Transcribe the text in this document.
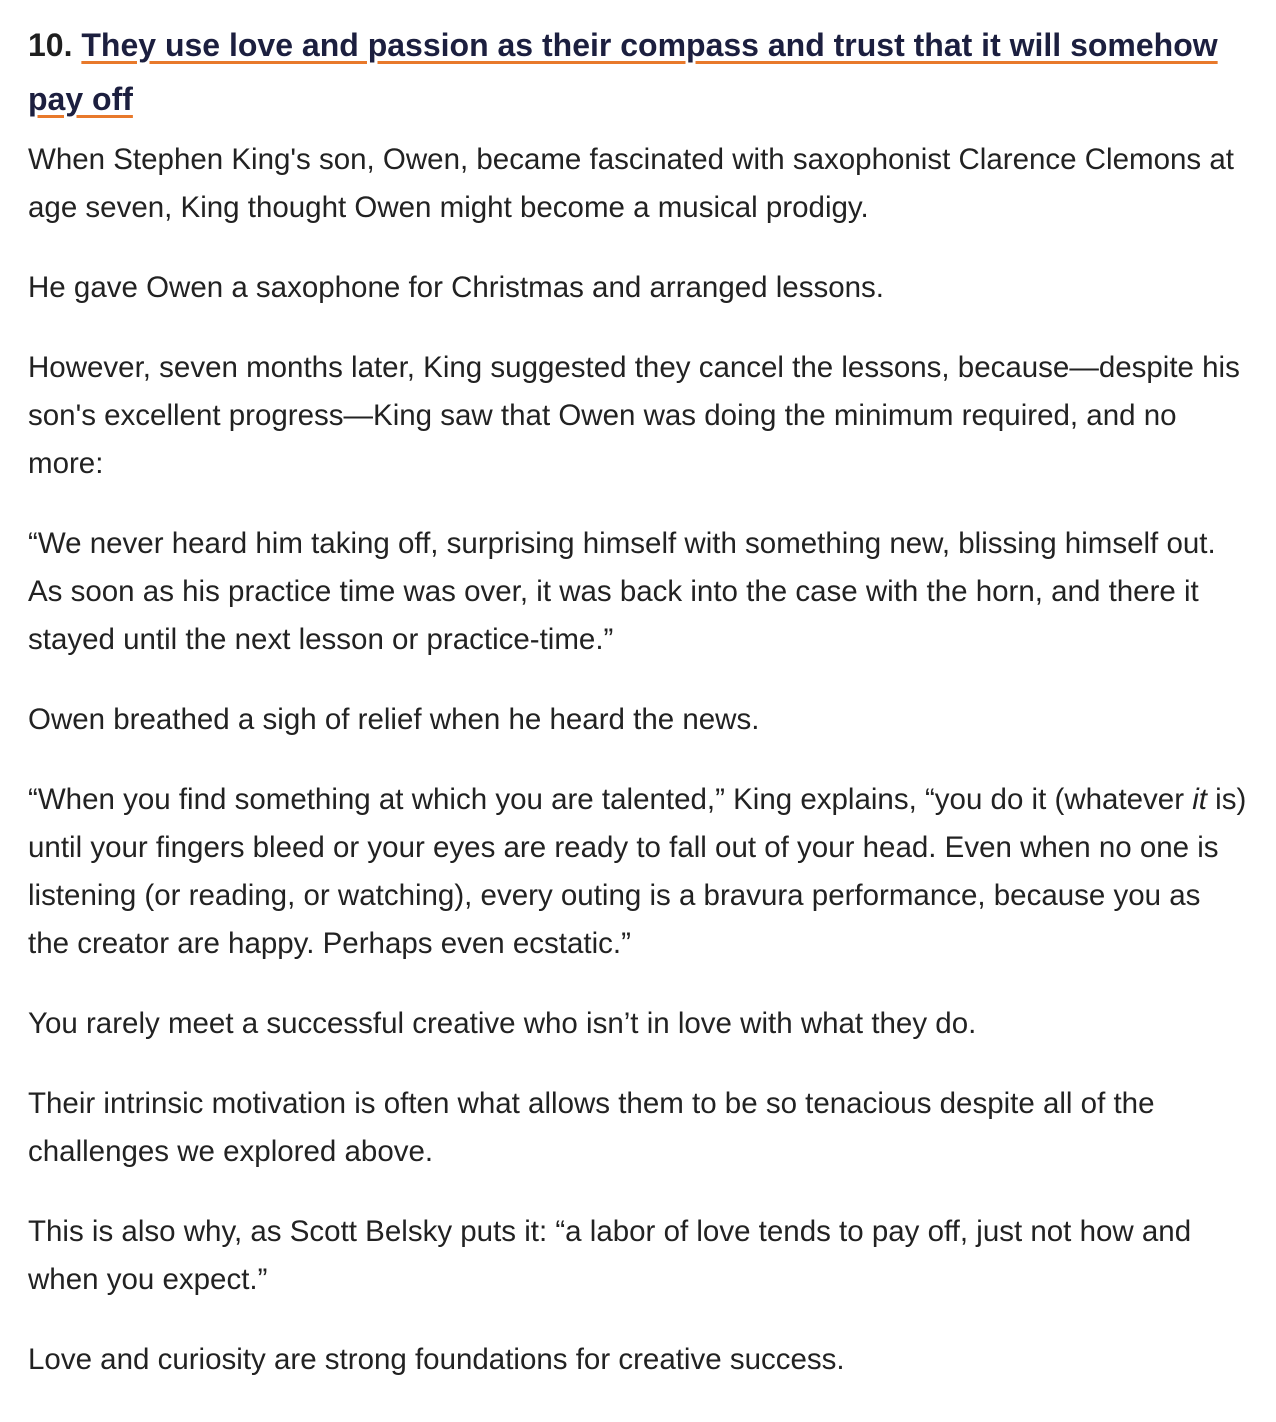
10. They use love and passion as their compass and trust that it will somehow pay off

When Stephen King's son, Owen, became fascinated with saxophonist Clarence Clemons at age seven, King thought Owen might become a musical prodigy.

He gave Owen a saxophone for Christmas and arranged lessons.

However, seven months later, King suggested they cancel the lessons, because—despite his son's excellent progress—King saw that Owen was doing the minimum required, and no more:

“We never heard him taking off, surprising himself with something new, blissing himself out. As soon as his practice time was over, it was back into the case with the horn, and there it stayed until the next lesson or practice-time.”

Owen breathed a sigh of relief when he heard the news.

“When you find something at which you are talented,” King explains, “you do it (whatever it is) until your fingers bleed or your eyes are ready to fall out of your head. Even when no one is listening (or reading, or watching), every outing is a bravura performance, because you as the creator are happy. Perhaps even ecstatic.”

You rarely meet a successful creative who isn’t in love with what they do.

Their intrinsic motivation is often what allows them to be so tenacious despite all of the challenges we explored above.

This is also why, as Scott Belsky puts it: “a labor of love tends to pay off, just not how and when you expect.”

Love and curiosity are strong foundations for creative success.
